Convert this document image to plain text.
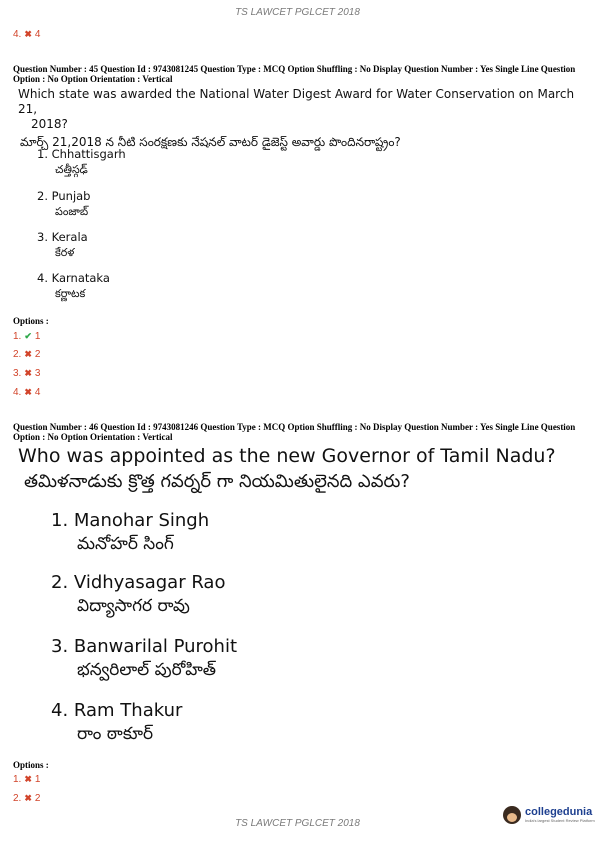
TS LAWCET PGLCET 2018
4. ✖ 4
Question Number : 45 Question Id : 9743081245 Question Type : MCQ Option Shuffling : No Display Question Number : Yes Single Line Question Option : No Option Orientation : Vertical
Which state was awarded the National Water Digest Award for Water Conservation on March 21,
2018?
మార్చ్ 21,2018 న నీటి సంరక్షణకు నేషనల్ వాటర్ డైజెస్ట్ అవార్డు పొందినరాష్ట్రం?
1. Chhattisgarh
చత్తీస్గఢ్
2. Punjab
పంజాబ్
3. Kerala
కేరళ
4. Karnataka
కర్ణాటక
Options :
1. ✔ 1
2. ✖ 2
3. ✖ 3
4. ✖ 4
Question Number : 46 Question Id : 9743081246 Question Type : MCQ Option Shuffling : No Display Question Number : Yes Single Line Question Option : No Option Orientation : Vertical
Who was appointed as the new Governor of Tamil Nadu?
తమిళనాడుకు క్రొత్త గవర్నర్ గా నియమితులైనది ఎవరు?
1. Manohar Singh
మనోహర్ సింగ్
2. Vidhyasagar Rao
విద్యాసాగర రావు
3. Banwarilal Purohit
భన్వరిలాల్ పురోహిత్
4. Ram Thakur
రాం ఠాకూర్
Options :
1. ✖ 1
2. ✖ 2
TS LAWCET PGLCET 2018
collegedunia
India's largest Student Review Platform
